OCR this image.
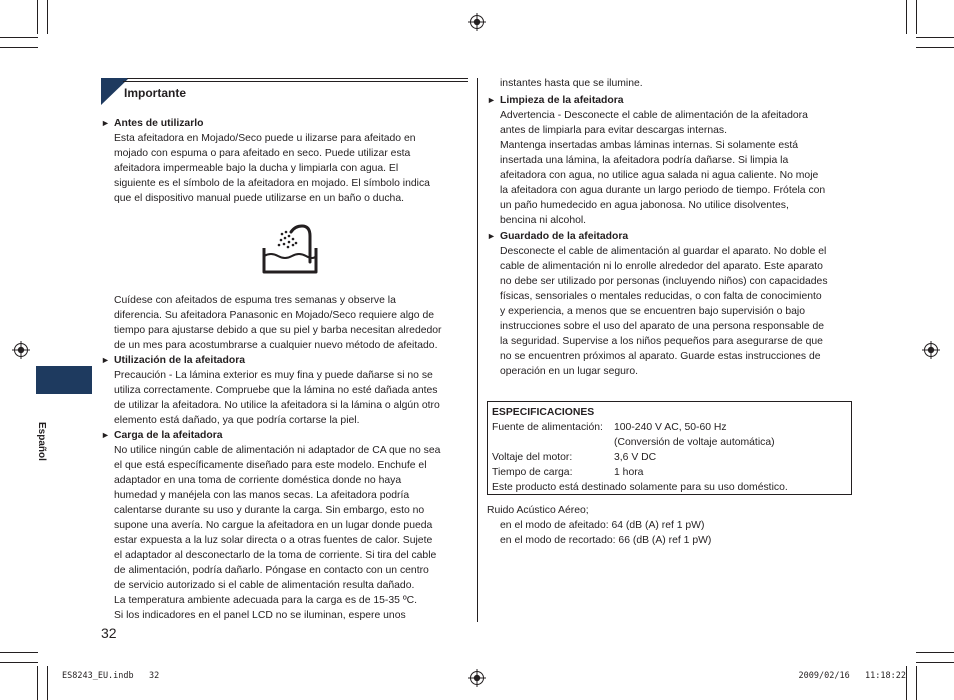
Español
Importante
► Antes de utilizarlo

Esta afeitadora en Mojado/Seco puede u ilizarse para afeitado en
mojado con espuma o para afeitado en seco. Puede utilizar esta
afeitadora impermeable bajo la ducha y limpiarla con agua. El
siguiente es el símbolo de la afeitadora en mojado. El símbolo indica
que el dispositivo manual puede utilizarse en un baño o ducha.

Cuídese con afeitados de espuma tres semanas y observe la
diferencia. Su afeitadora Panasonic en Mojado/Seco requiere algo de
tiempo para ajustarse debido a que su piel y barba necesitan alrededor
de un mes para acostumbrarse a cualquier nuevo método de afeitado.

► Utilización de la afeitadora

Precaución - La lámina exterior es muy fina y puede dañarse si no se
utiliza correctamente. Compruebe que la lámina no esté dañada antes
de utilizar la afeitadora. No utilice la afeitadora si la lámina o algún otro
elemento está dañado, ya que podría cortarse la piel.

► Carga de la afeitadora

No utilice ningún cable de alimentación ni adaptador de CA que no sea
el que está específicamente diseñado para este modelo. Enchufe el
adaptador en una toma de corriente doméstica donde no haya
humedad y manéjela con las manos secas. La afeitadora podría
calentarse durante su uso y durante la carga. Sin embargo, esto no
supone una avería. No cargue la afeitadora en un lugar donde pueda
estar expuesta a la luz solar directa o a otras fuentes de calor. Sujete
el adaptador al desconectarlo de la toma de corriente. Si tira del cable
de alimentación, podría dañarlo. Póngase en contacto con un centro
de servicio autorizado si el cable de alimentación resulta dañado.
La temperatura ambiente adecuada para la carga es de 15-35 ºC.
Si los indicadores en el panel LCD no se iluminan, espere unos

instantes hasta que se ilumine.

► Limpieza de la afeitadora

Advertencia - Desconecte el cable de alimentación de la afeitadora
antes de limpiarla para evitar descargas internas.
Mantenga insertadas ambas láminas internas. Si solamente está
insertada una lámina, la afeitadora podría dañarse. Si limpia la
afeitadora con agua, no utilice agua salada ni agua caliente. No moje
la afeitadora con agua durante un largo periodo de tiempo. Frótela con
un paño humedecido en agua jabonosa. No utilice disolventes,
bencina ni alcohol.

► Guardado de la afeitadora

Desconecte el cable de alimentación al guardar el aparato. No doble el
cable de alimentación ni lo enrolle alrededor del aparato. Este aparato
no debe ser utilizado por personas (incluyendo niños) con capacidades
físicas, sensoriales o mentales reducidas, o con falta de conocimiento
y experiencia, a menos que se encuentren bajo supervisión o bajo
instrucciones sobre el uso del aparato de una persona responsable de
la seguridad. Supervise a los niños pequeños para asegurarse de que
no se encuentren próximos al aparato. Guarde estas instrucciones de
operación en un lugar seguro.

ESPECIFICACIONES
Fuente de alimentación:	100-240 V AC, 50-60 Hz
(Conversión de voltaje automática)
Voltaje del motor:	3,6 V DC
Tiempo de carga:	1 hora
Este producto está destinado solamente para su uso doméstico.
Ruido Acústico Aéreo;
en el modo de afeitado: 64 (dB (A) ref 1 pW)
en el modo de recortado: 66 (dB (A) ref 1 pW)
32
ES8243_EU.indb   32	2009/02/16   11:18:22
